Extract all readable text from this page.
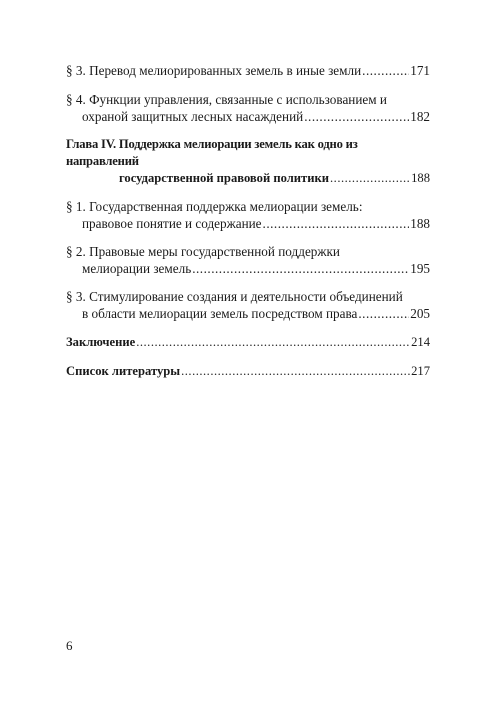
§ 3. Перевод мелиорированных земель в иные земли .....	171
§ 4. Функции управления, связанные с использованием и
охраной защитных лесных насаждений .....	182
Глава IV. Поддержка мелиорации земель как одно из направлений
государственной правовой политики .....	188
§ 1. Государственная поддержка мелиорации земель:
правовое понятие и содержание .....	188
§ 2. Правовые меры государственной поддержки
мелиорации земель .....	195
§ 3. Стимулирование создания и деятельности объединений
в области мелиорации земель посредством права .....	205
Заключение .....	214
Список литературы .....	217
6
